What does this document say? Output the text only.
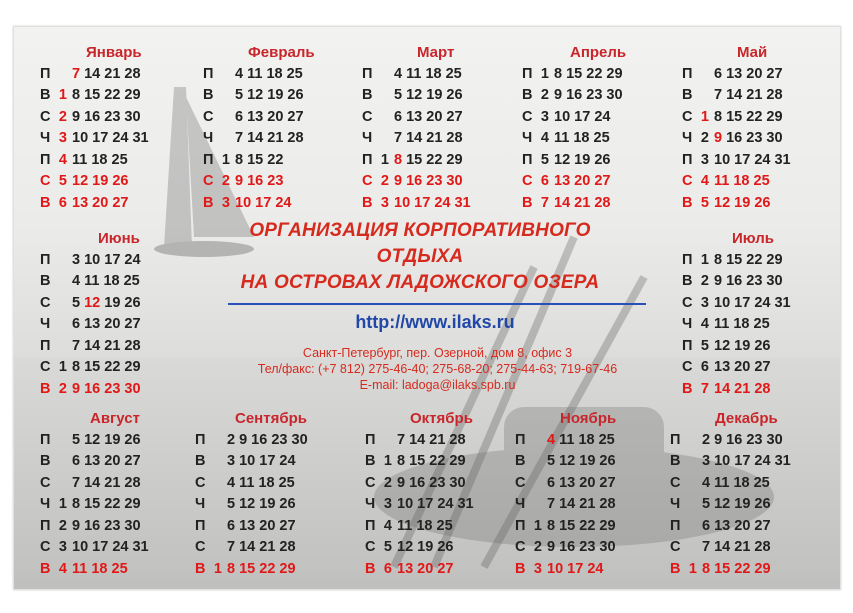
Январь
П 7 14 21 28
В 1 8 15 22 29
С 2 9 16 23 30
Ч 3 10 17 24 31
П 4 11 18 25
С 5 12 19 26
В 6 13 20 27
Февраль
П 4 11 18 25
В 5 12 19 26
С 6 13 20 27
Ч 7 14 21 28
П 1 8 15 22
С 2 9 16 23
В 3 10 17 24
Март
П 4 11 18 25
В 5 12 19 26
С 6 13 20 27
Ч 7 14 21 28
П 1 8 15 22 29
С 2 9 16 23 30
В 3 10 17 24 31
Апрель
П 1 8 15 22 29
В 2 9 16 23 30
С 3 10 17 24
Ч 4 11 18 25
П 5 12 19 26
С 6 13 20 27
В 7 14 21 28
Май
П 6 13 20 27
В 7 14 21 28
С 1 8 15 22 29
Ч 2 9 16 23 30
П 3 10 17 24 31
С 4 11 18 25
В 5 12 19 26
Июнь
П 3 10 17 24
В 4 11 18 25
С 5 12 19 26
Ч 6 13 20 27
П 7 14 21 28
С 1 8 15 22 29
В 2 9 16 23 30
Июль
П 1 8 15 22 29
В 2 9 16 23 30
С 3 10 17 24 31
Ч 4 11 18 25
П 5 12 19 26
С 6 13 20 27
В 7 14 21 28
Август
П 5 12 19 26
В 6 13 20 27
С 7 14 21 28
Ч 1 8 15 22 29
П 2 9 16 23 30
С 3 10 17 24 31
В 4 11 18 25
Сентябрь
П 2 9 16 23 30
В 3 10 17 24
С 4 11 18 25
Ч 5 12 19 26
П 6 13 20 27
С 7 14 21 28
В 1 8 15 22 29
Октябрь
П 7 14 21 28
В 1 8 15 22 29
С 2 9 16 23 30
Ч 3 10 17 24 31
П 4 11 18 25
С 5 12 19 26
В 6 13 20 27
Ноябрь
П 4 11 18 25
В 5 12 19 26
С 6 13 20 27
Ч 7 14 21 28
П 1 8 15 22 29
С 2 9 16 23 30
В 3 10 17 24
Декабрь
П 2 9 16 23 30
В 3 10 17 24 31
С 4 11 18 25
Ч 5 12 19 26
П 6 13 20 27
С 7 14 21 28
В 1 8 15 22 29
ОРГАНИЗАЦИЯ КОРПОРАТИВНОГО ОТДЫХА
НА ОСТРОВАХ ЛАДОЖСКОГО ОЗЕРА
http://www.ilaks.ru
Санкт-Петербург, пер. Озерной, дом 8, офис 3
Тел/факс: (+7 812) 275-46-40; 275-68-20; 275-44-63; 719-67-46
E-mail: ladoga@ilaks.spb.ru
